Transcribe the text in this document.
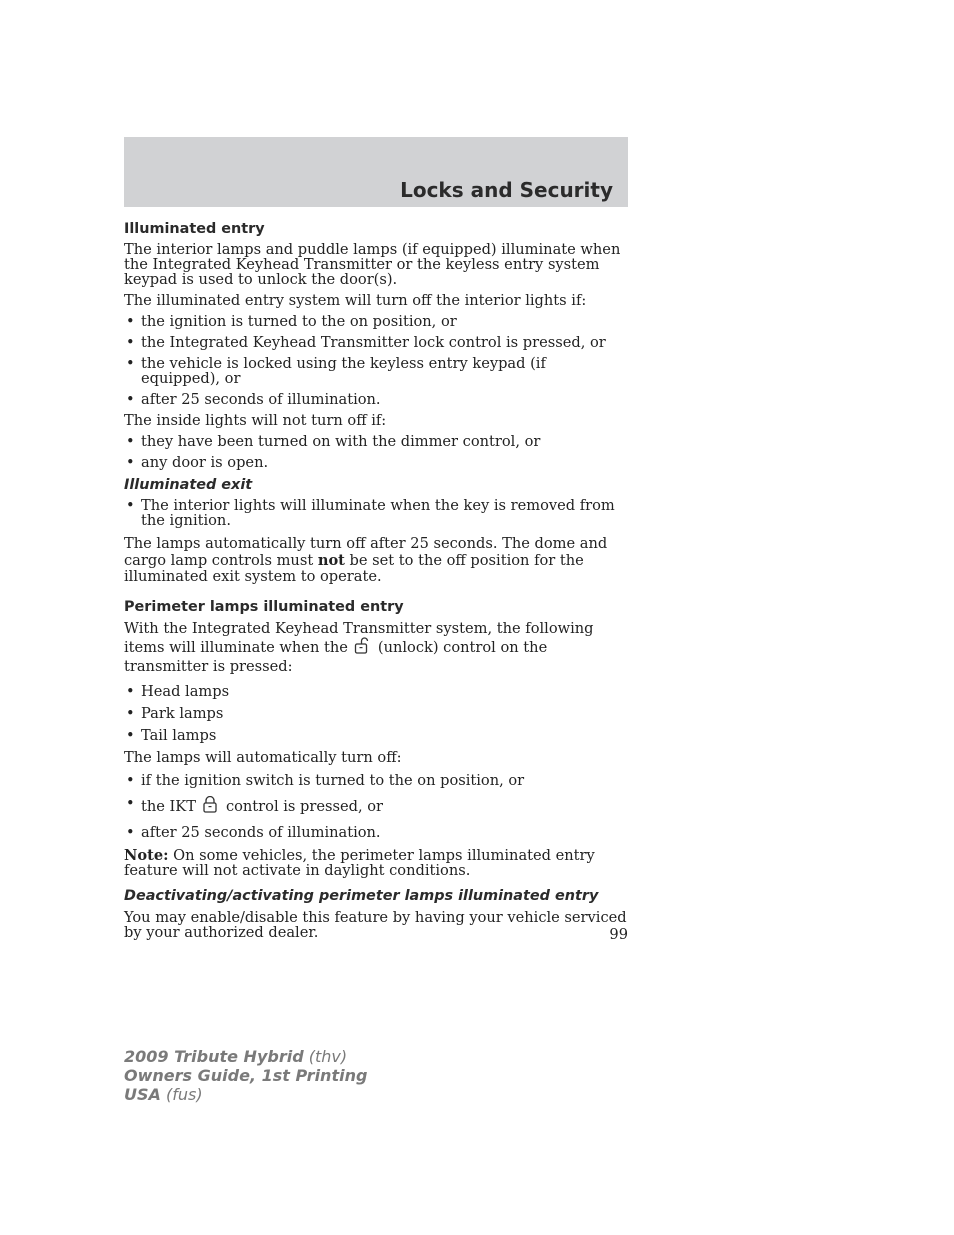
Locks and Security
Illuminated entry

The interior lamps and puddle lamps (if equipped) illuminate when the Integrated Keyhead Transmitter or the keyless entry system keypad is used to unlock the door(s).

The illuminated entry system will turn off the interior lights if:

• the ignition is turned to the on position, or
• the Integrated Keyhead Transmitter lock control is pressed, or
• the vehicle is locked using the keyless entry keypad (if equipped), or
• after 25 seconds of illumination.

The inside lights will not turn off if:

• they have been turned on with the dimmer control, or
• any door is open.
Illuminated exit
• The interior lights will illuminate when the key is removed from the ignition.

The lamps automatically turn off after 25 seconds. The dome and cargo lamp controls must not be set to the off position for the illuminated exit system to operate.

Perimeter lamps illuminated entry

With the Integrated Keyhead Transmitter system, the following items will illuminate when the (unlock) control on the transmitter is pressed:

• Head lamps
• Park lamps
• Tail lamps

The lamps will automatically turn off:

• if the ignition switch is turned to the on position, or
• the IKT control is pressed, or
• after 25 seconds of illumination.

Note: On some vehicles, the perimeter lamps illuminated entry feature will not activate in daylight conditions.

Deactivating/activating perimeter lamps illuminated entry

You may enable/disable this feature by having your vehicle serviced by your authorized dealer.	99

2009 Tribute Hybrid (thv)
Owners Guide, 1st Printing
USA (fus)
